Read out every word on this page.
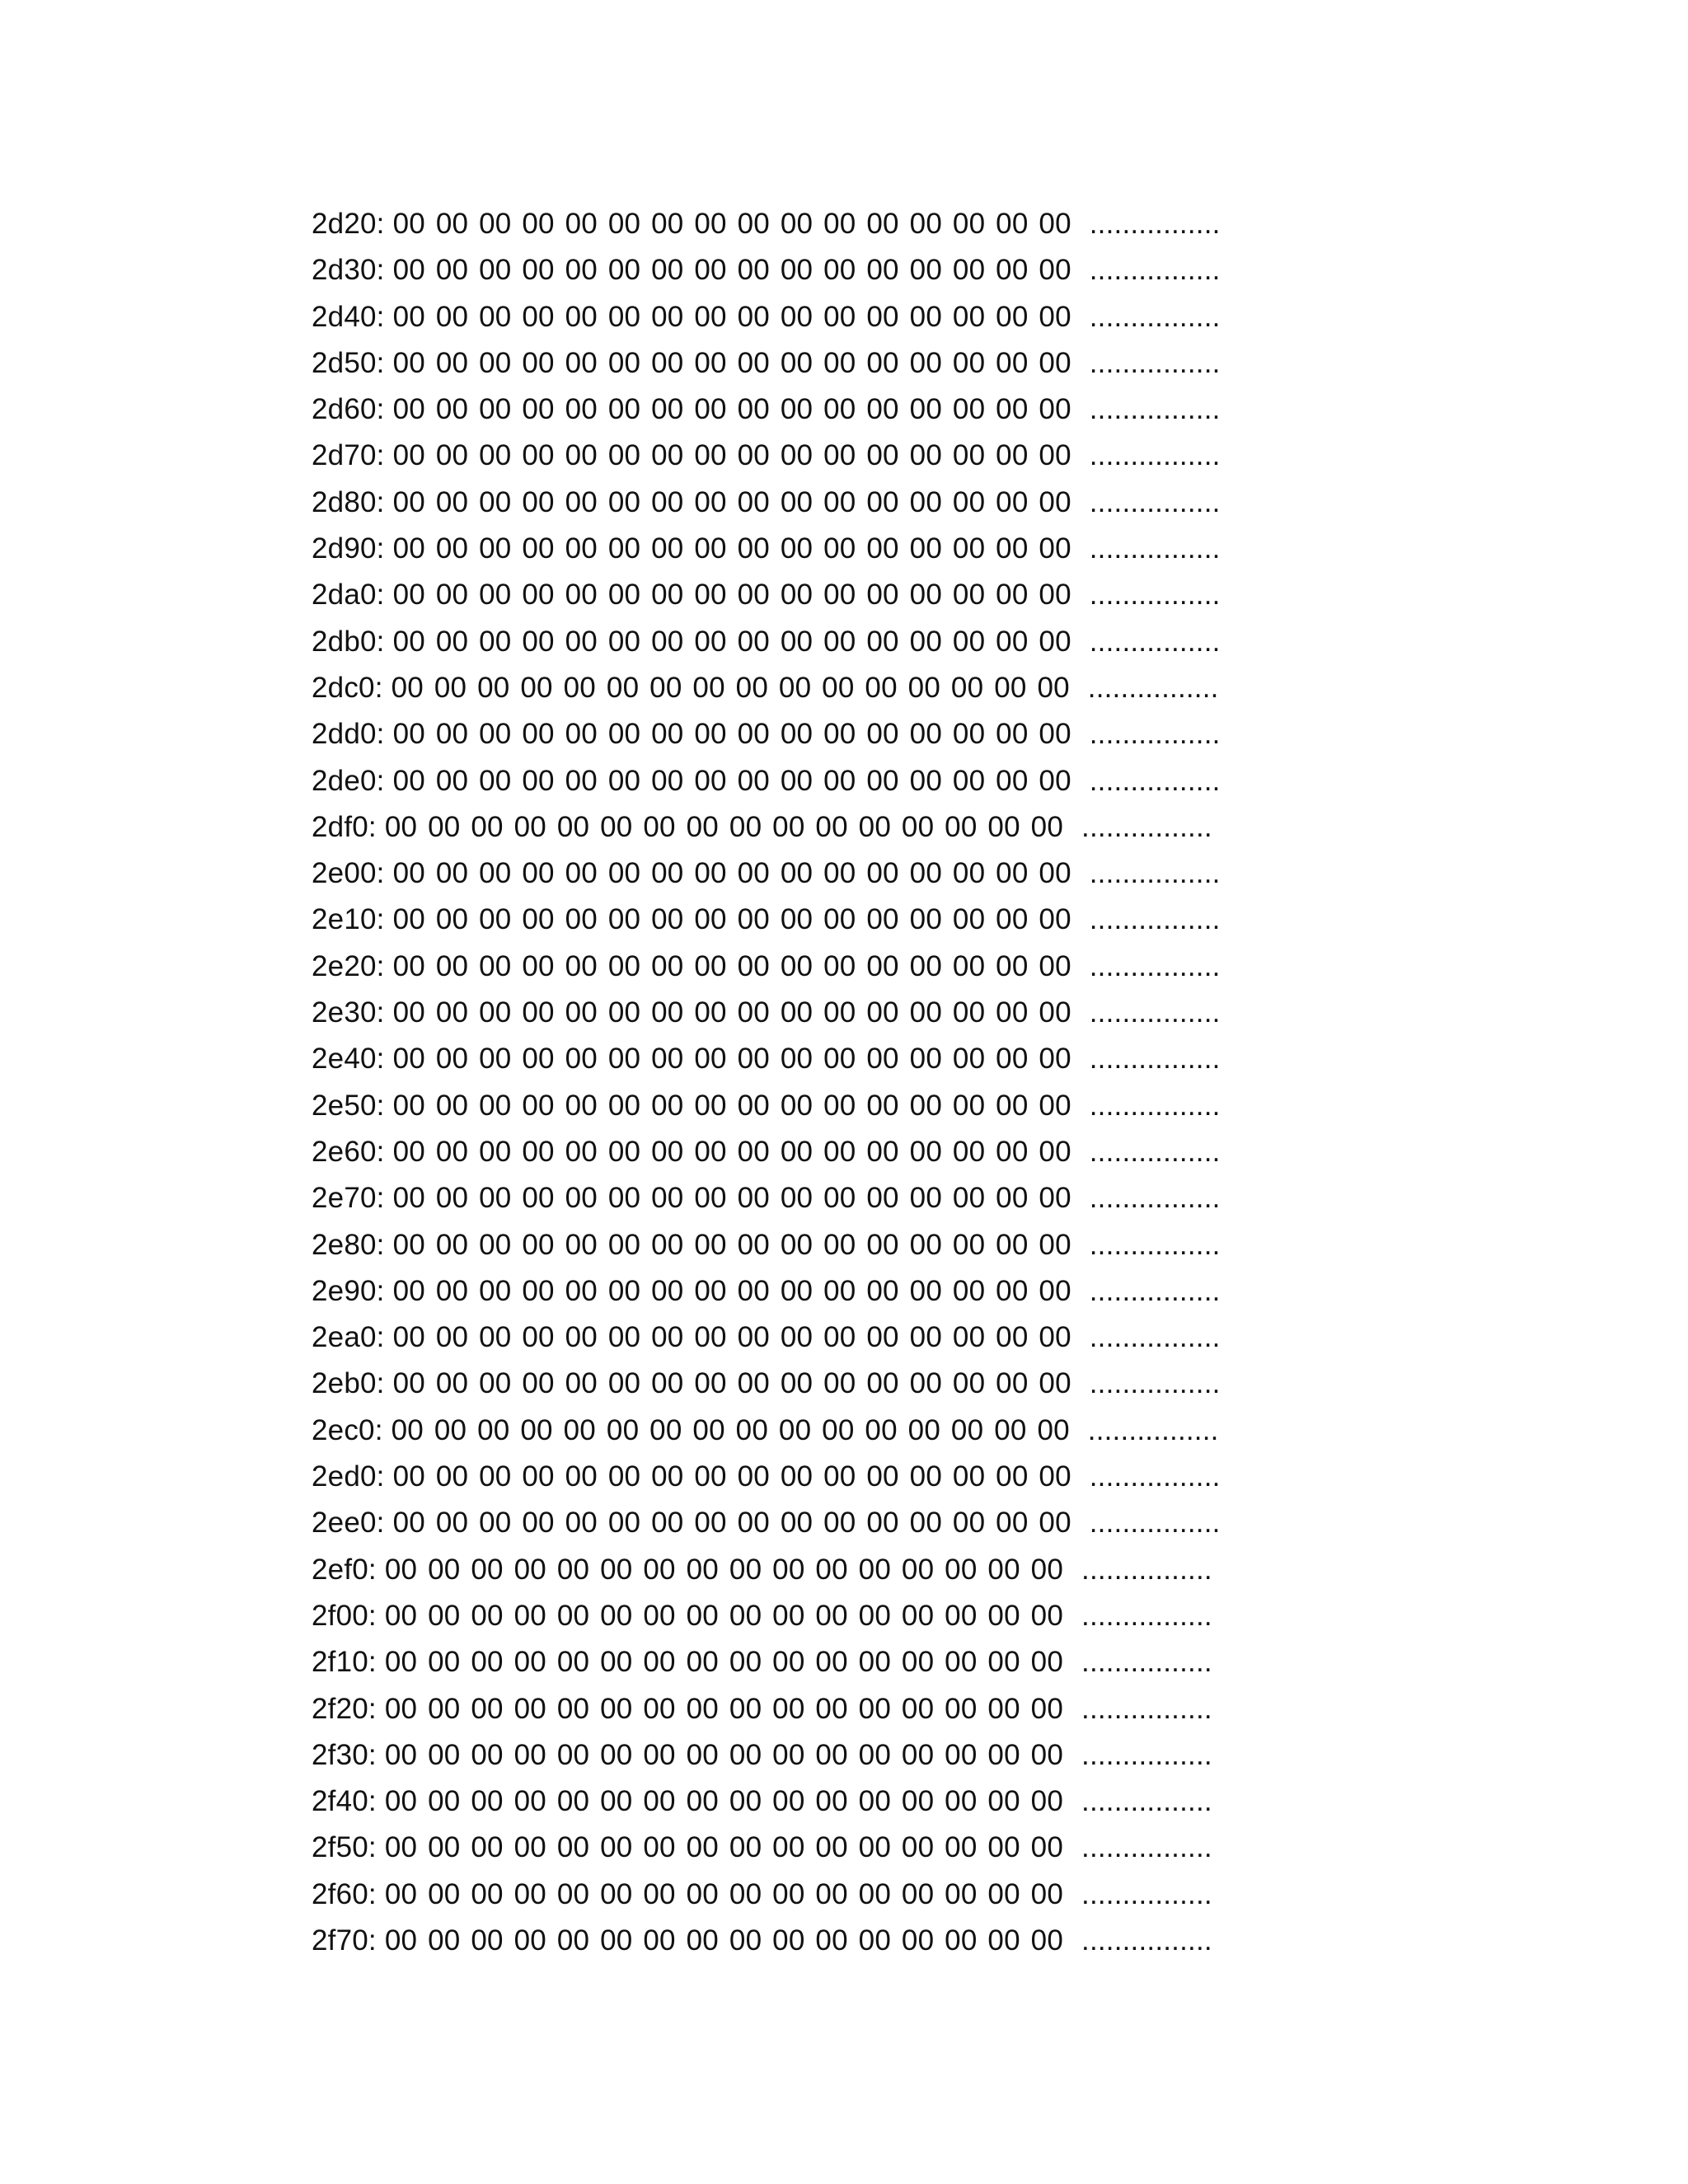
2d20: 00 00 00 00 00 00 00 00 00 00 00 00 00 00 00 00 ................
2d30: 00 00 00 00 00 00 00 00 00 00 00 00 00 00 00 00 ................
2d40: 00 00 00 00 00 00 00 00 00 00 00 00 00 00 00 00 ................
2d50: 00 00 00 00 00 00 00 00 00 00 00 00 00 00 00 00 ................
2d60: 00 00 00 00 00 00 00 00 00 00 00 00 00 00 00 00 ................
2d70: 00 00 00 00 00 00 00 00 00 00 00 00 00 00 00 00 ................
2d80: 00 00 00 00 00 00 00 00 00 00 00 00 00 00 00 00 ................
2d90: 00 00 00 00 00 00 00 00 00 00 00 00 00 00 00 00 ................
2da0: 00 00 00 00 00 00 00 00 00 00 00 00 00 00 00 00 ................
2db0: 00 00 00 00 00 00 00 00 00 00 00 00 00 00 00 00 ................
2dc0: 00 00 00 00 00 00 00 00 00 00 00 00 00 00 00 00 ................
2dd0: 00 00 00 00 00 00 00 00 00 00 00 00 00 00 00 00 ................
2de0: 00 00 00 00 00 00 00 00 00 00 00 00 00 00 00 00 ................
2df0: 00 00 00 00 00 00 00 00 00 00 00 00 00 00 00 00 ................
2e00: 00 00 00 00 00 00 00 00 00 00 00 00 00 00 00 00 ................
2e10: 00 00 00 00 00 00 00 00 00 00 00 00 00 00 00 00 ................
2e20: 00 00 00 00 00 00 00 00 00 00 00 00 00 00 00 00 ................
2e30: 00 00 00 00 00 00 00 00 00 00 00 00 00 00 00 00 ................
2e40: 00 00 00 00 00 00 00 00 00 00 00 00 00 00 00 00 ................
2e50: 00 00 00 00 00 00 00 00 00 00 00 00 00 00 00 00 ................
2e60: 00 00 00 00 00 00 00 00 00 00 00 00 00 00 00 00 ................
2e70: 00 00 00 00 00 00 00 00 00 00 00 00 00 00 00 00 ................
2e80: 00 00 00 00 00 00 00 00 00 00 00 00 00 00 00 00 ................
2e90: 00 00 00 00 00 00 00 00 00 00 00 00 00 00 00 00 ................
2ea0: 00 00 00 00 00 00 00 00 00 00 00 00 00 00 00 00 ................
2eb0: 00 00 00 00 00 00 00 00 00 00 00 00 00 00 00 00 ................
2ec0: 00 00 00 00 00 00 00 00 00 00 00 00 00 00 00 00 ................
2ed0: 00 00 00 00 00 00 00 00 00 00 00 00 00 00 00 00 ................
2ee0: 00 00 00 00 00 00 00 00 00 00 00 00 00 00 00 00 ................
2ef0: 00 00 00 00 00 00 00 00 00 00 00 00 00 00 00 00 ................
2f00: 00 00 00 00 00 00 00 00 00 00 00 00 00 00 00 00 ................
2f10: 00 00 00 00 00 00 00 00 00 00 00 00 00 00 00 00 ................
2f20: 00 00 00 00 00 00 00 00 00 00 00 00 00 00 00 00 ................
2f30: 00 00 00 00 00 00 00 00 00 00 00 00 00 00 00 00 ................
2f40: 00 00 00 00 00 00 00 00 00 00 00 00 00 00 00 00 ................
2f50: 00 00 00 00 00 00 00 00 00 00 00 00 00 00 00 00 ................
2f60: 00 00 00 00 00 00 00 00 00 00 00 00 00 00 00 00 ................
2f70: 00 00 00 00 00 00 00 00 00 00 00 00 00 00 00 00 ................
